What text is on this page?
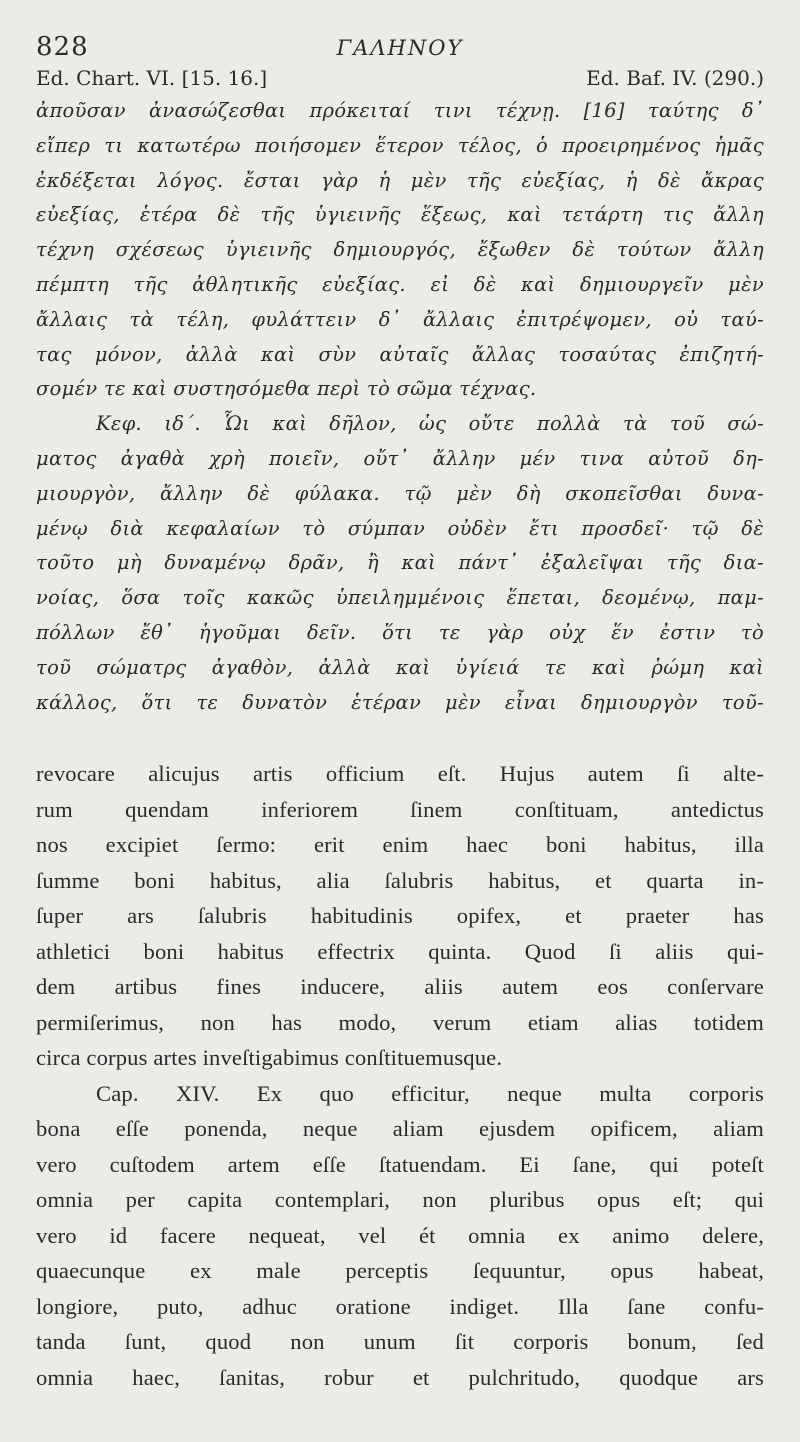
828	ΓΑΛΗΝΟΥ
Ed. Chart. VI. [15. 16.]	Ed. Baf. IV. (290.)
ἀποῦσαν ἀνασώζεσθαι πρόκειταί τινι τέχνῃ. [16] ταύτης δ᾽
εἴπερ τι κατωτέρω ποιήσομεν ἕτερον τέλος, ὁ προειρημένος ἡμᾶς
ἐκδέξεται λόγος. ἔσται γὰρ ἡ μὲν τῆς εὐεξίας, ἡ δὲ ἄκρας
εὐεξίας, ἑτέρα δὲ τῆς ὑγιεινῆς ἕξεως, καὶ τετάρτη τις ἄλλη
τέχνη σχέσεως ὑγιεινῆς δημιουργός, ἔξωθεν δὲ τούτων ἄλλη
πέμπτη τῆς ἀθλητικῆς εὐεξίας. εἰ δὲ καὶ δημιουργεῖν μὲν
ἄλλαις τὰ τέλη, φυλάττειν δ᾽ ἄλλαις ἐπιτρέψομεν, οὐ ταύ-
τας μόνον, ἀλλὰ καὶ σὺν αὐταῖς ἄλλας τοσαύτας ἐπιζητή-
σομέν τε καὶ συστησόμεθα περὶ τὸ σῶμα τέχνας.
Κεφ. ιδ΄. Ὧι καὶ δῆλον, ὡς οὔτε πολλὰ τὰ τοῦ σώ-
ματος ἀγαθὰ χρὴ ποιεῖν, οὔτ᾽ ἄλλην μέν τινα αὐτοῦ δη-
μιουργὸν, ἄλλην δὲ φύλακα. τῷ μὲν δὴ σκοπεῖσθαι δυνα-
μένῳ διὰ κεφαλαίων τὸ σύμπαν οὐδὲν ἔτι προσδεῖ· τῷ δὲ
τοῦτο μὴ δυναμένῳ δρᾶν, ἢ καὶ πάντ᾽ ἐξαλεῖψαι τῆς δια-
νοίας, ὅσα τοῖς κακῶς ὑπειλημμένοις ἕπεται, δεομένῳ, παμ-
πόλλων ἔθ᾽ ἡγοῦμαι δεῖν. ὅτι τε γὰρ οὐχ ἕν ἐστιν τὸ
τοῦ σώματρς ἀγαθὸν, ἀλλὰ καὶ ὑγίειά τε καὶ ῥώμη καὶ
κάλλος, ὅτι τε δυνατὸν ἑτέραν μὲν εἶναι δημιουργὸν τοῦ-
revocare alicujus artis officium eſt. Hujus autem ſi alte-
rum quendam inferiorem ſinem conſtituam, antedictus
nos excipiet ſermo: erit enim haec boni habitus, illa
ſumme boni habitus, alia ſalubris habitus, et quarta in-
ſuper ars ſalubris habitudinis opifex, et praeter has
athletici boni habitus effectrix quinta. Quod ſi aliis qui-
dem artibus fines inducere, aliis autem eos conſervare
permiſerimus, non has modo, verum etiam alias totidem
circa corpus artes inveſtigabimus conſtituemusque.
Cap. XIV. Ex quo efficitur, neque multa corporis
bona eſſe ponenda, neque aliam ejusdem opificem, aliam
vero cuſtodem artem eſſe ſtatuendam. Ei ſane, qui poteſt
omnia per capita contemplari, non pluribus opus eſt; qui
vero id facere nequeat, vel ét omnia ex animo delere,
quaecunque ex male perceptis ſequuntur, opus habeat,
longiore, puto, adhuc oratione indiget. Illa ſane confu-
tanda ſunt, quod non unum ſit corporis bonum, ſed
omnia haec, ſanitas, robur et pulchritudo, quodque ars
